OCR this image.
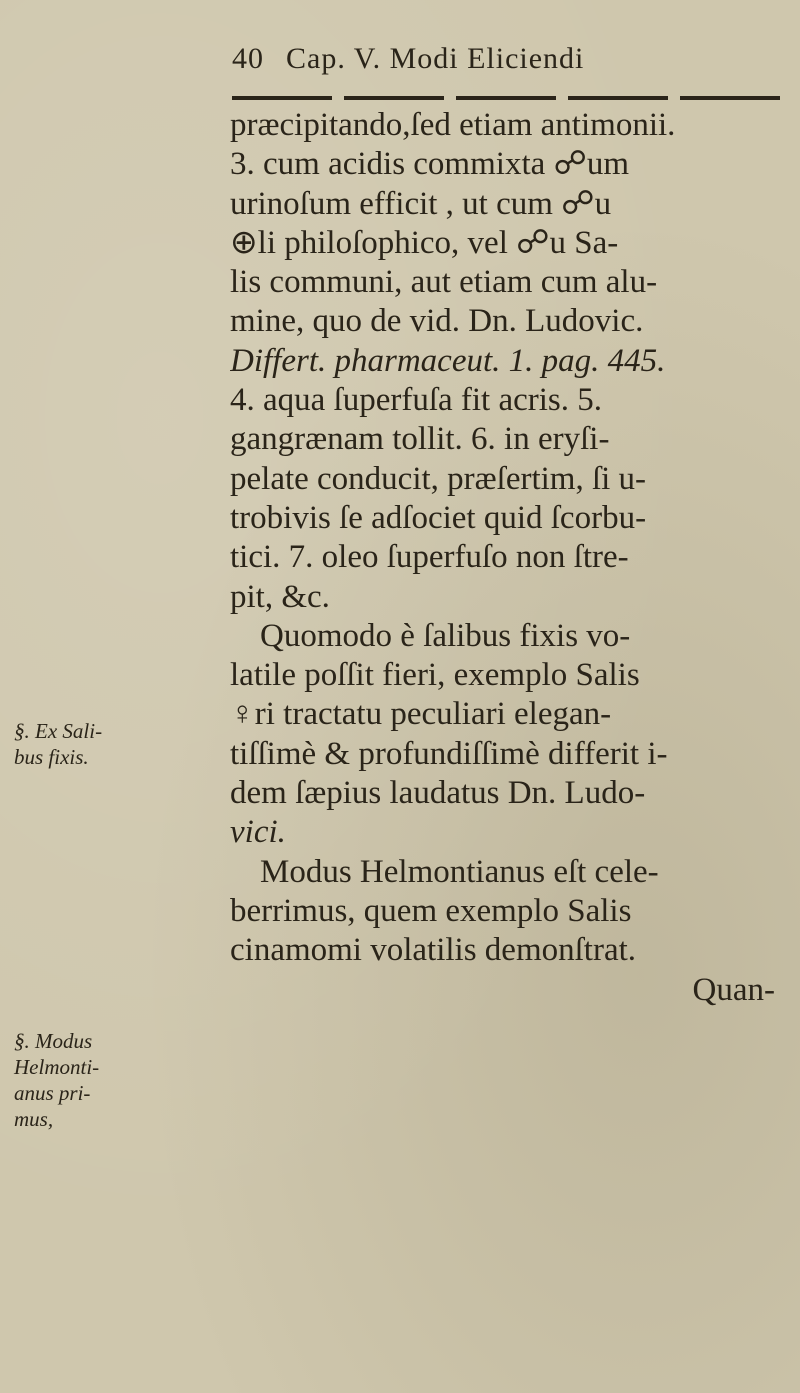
40 Cap. V. Modi Eliciendi
præcipitando,ſed etiam antimonii.
3. cum acidis commixta ☍um
urinoſum efficit , ut cum ☍u
⊕li philoſophico, vel ☍u Sa-
lis communi, aut etiam cum alu-
mine, quo de vid. Dn. Ludovic.
Differt. pharmaceut. 1. pag. 445.
4. aqua ſuperfuſa fit acris. 5.
gangrænam tollit. 6. in eryſi-
pelate conducit, præſertim, ſi u-
trobivis ſe adſociet quid ſcorbu-
tici. 7. oleo ſuperfuſo non ſtre-
pit, &c.
Quomodo è ſalibus fixis vo-
latile poſſit fieri, exemplo Salis
♀ri tractatu peculiari elegan-
tiſſimè & profundiſſimè differit i-
dem ſæpius laudatus Dn. Ludo-
vici.
Modus Helmontianus eſt cele-
berrimus, quem exemplo Salis
cinamomi volatilis demonſtrat.
Quan-
§. Ex Sali-
bus fixis.
§. Modus
Helmonti-
anus pri-
mus,
